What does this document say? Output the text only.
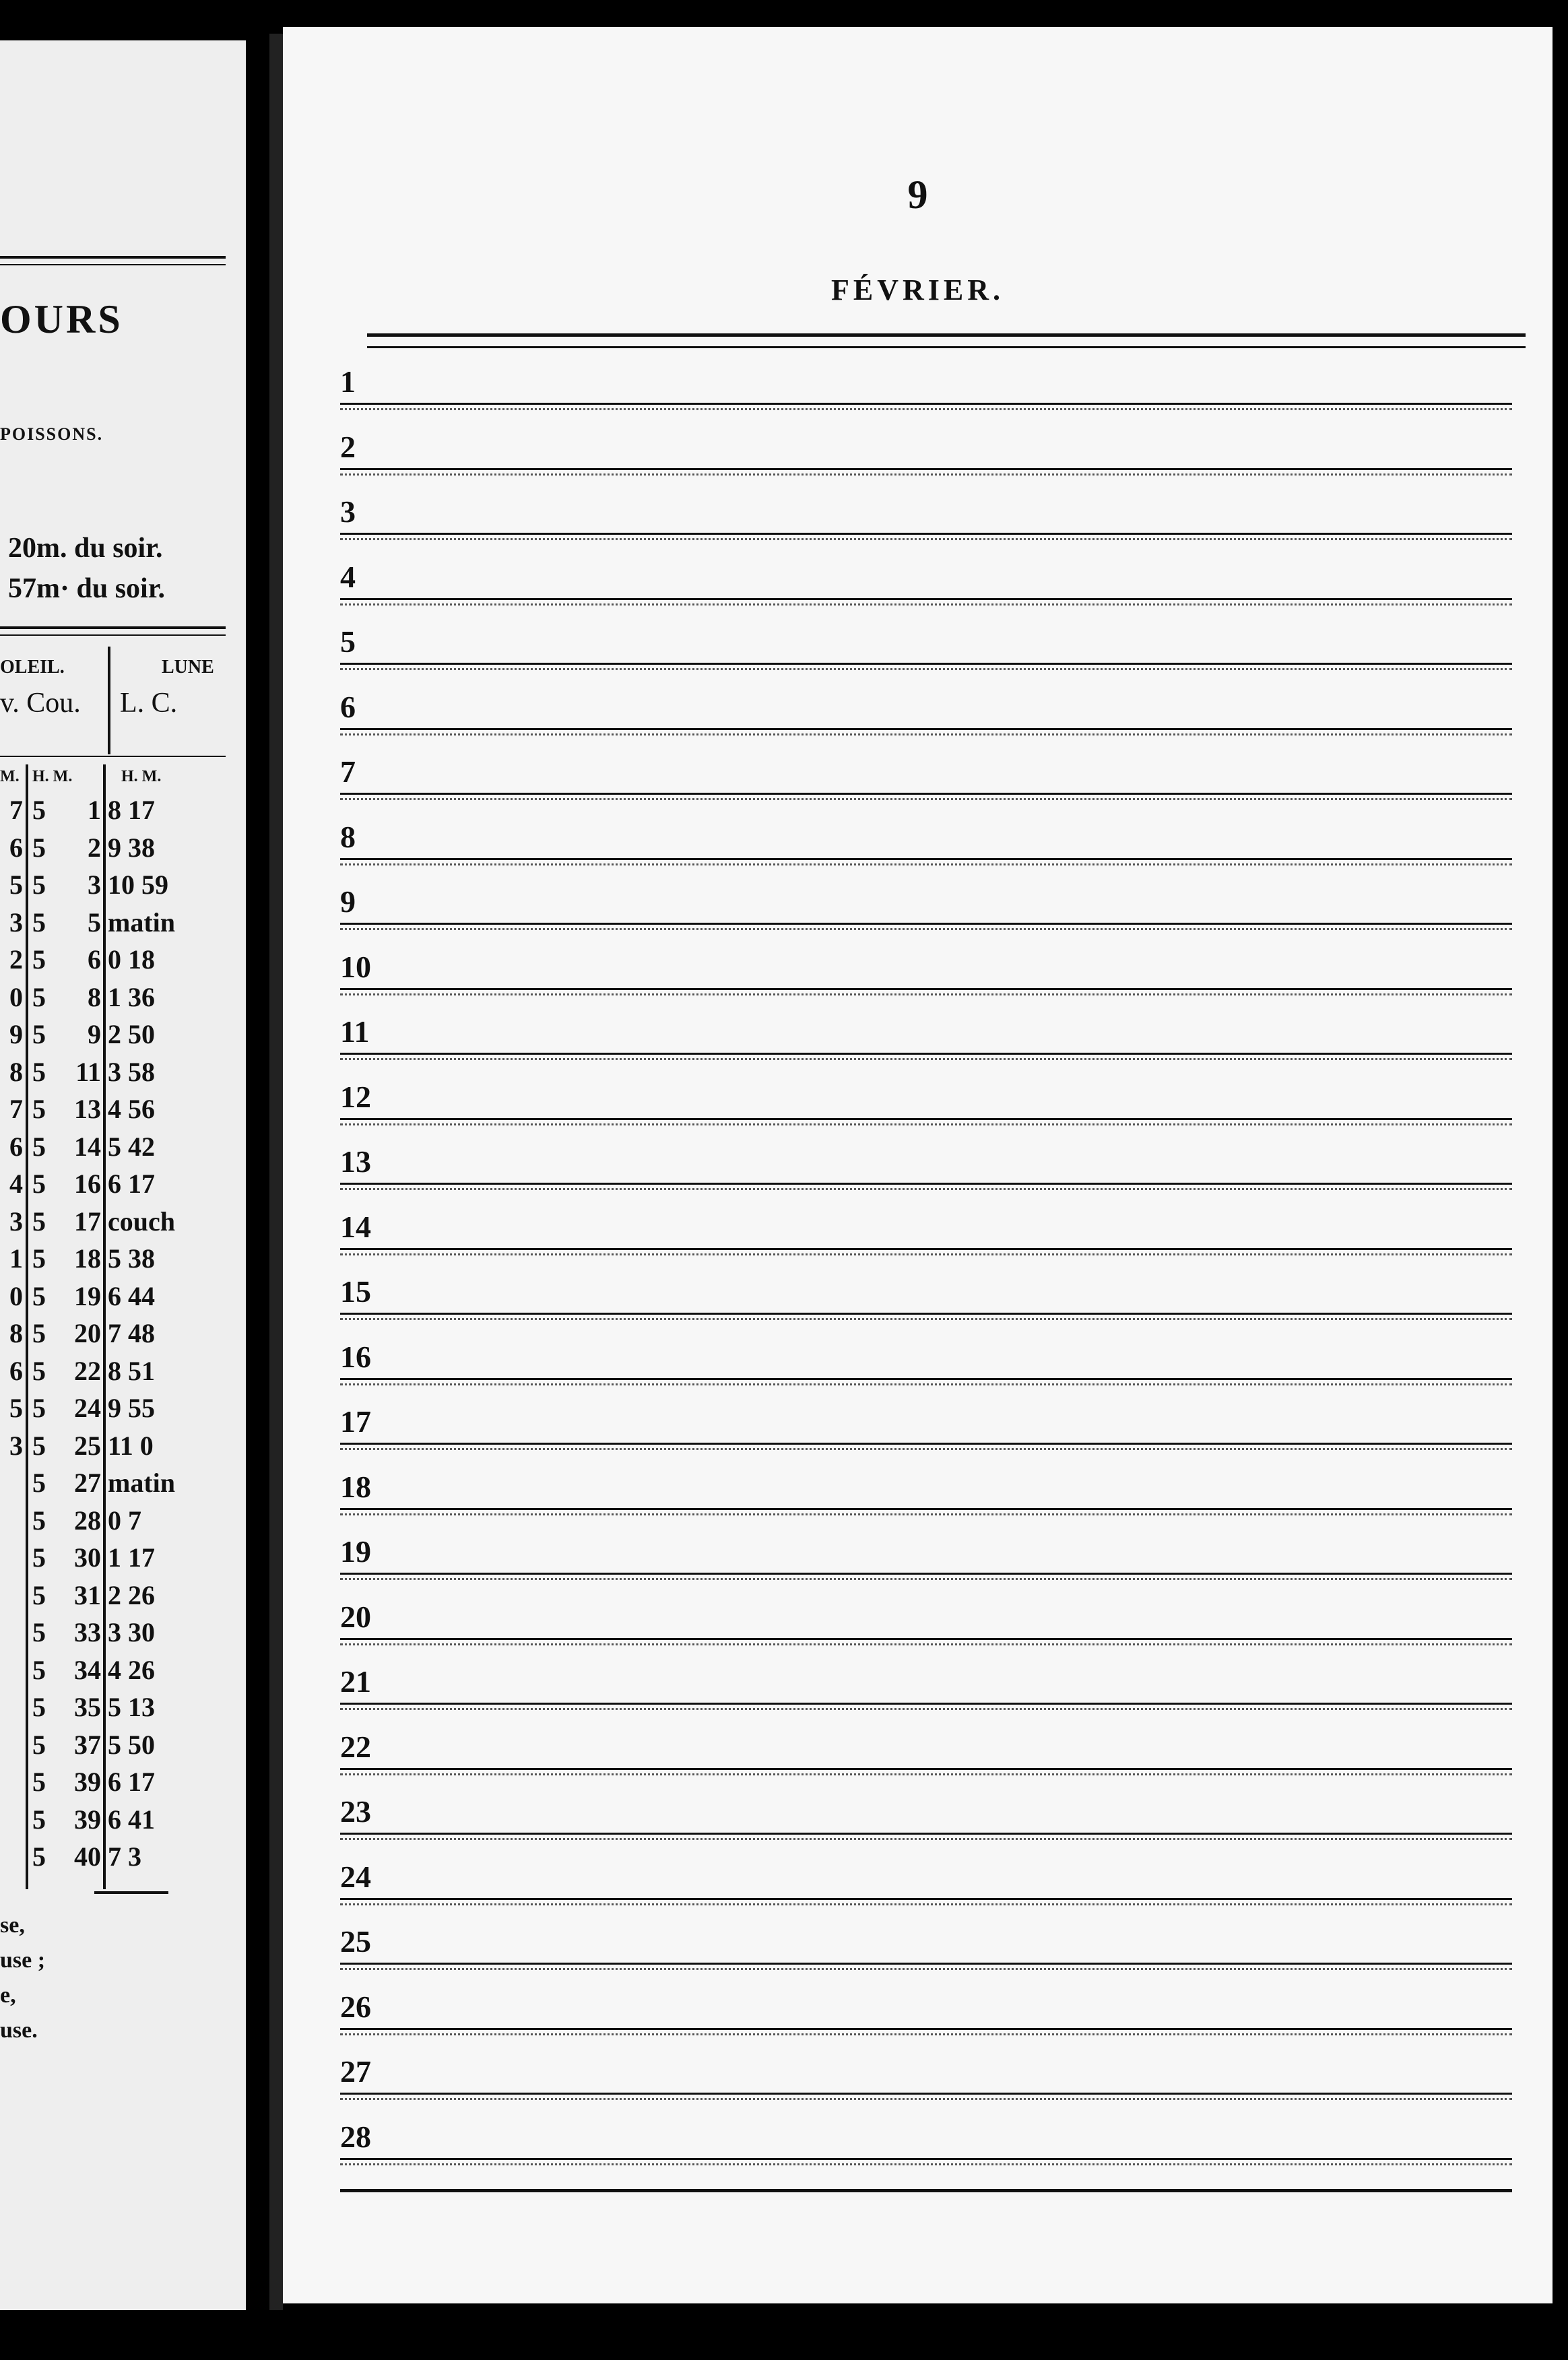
OURS
POISSONS.
20m. du soir.
57m· du soir.
OLEIL.	LUNE
v. Cou. L. C.
M. H. M.	H. M.
7
6
5
3
2
0
9
8
7
6
4
3
1
0
8
6
5
3
5
5
5
5
5
5
5
5
5
5
5
5
5
5
5
5
5
5
5
5
5
5
5
5
5
5
5
5
5
1
2
3
5
6
8
9
11
13
14
16
17
18
19
20
22
24
25
27
28
30
31
33
34
35
37
39
39
40
8 17
9 38
10 59
matin
0 18
1 36
2 50
3 58
4 56
5 42
6 17
couch
5 38
6 44
7 48
8 51
9 55
11 0
matin
0 7
1 17
2 26
3 30
4 26
5 13
5 50
6 17
6 41
7 3
se,
use ;
e,
use.
9
FÉVRIER.
1
2
3
4
5
6
7
8
9
10
11
12
13
14
15
16
17
18
19
20
21
22
23
24
25
26
27
28
